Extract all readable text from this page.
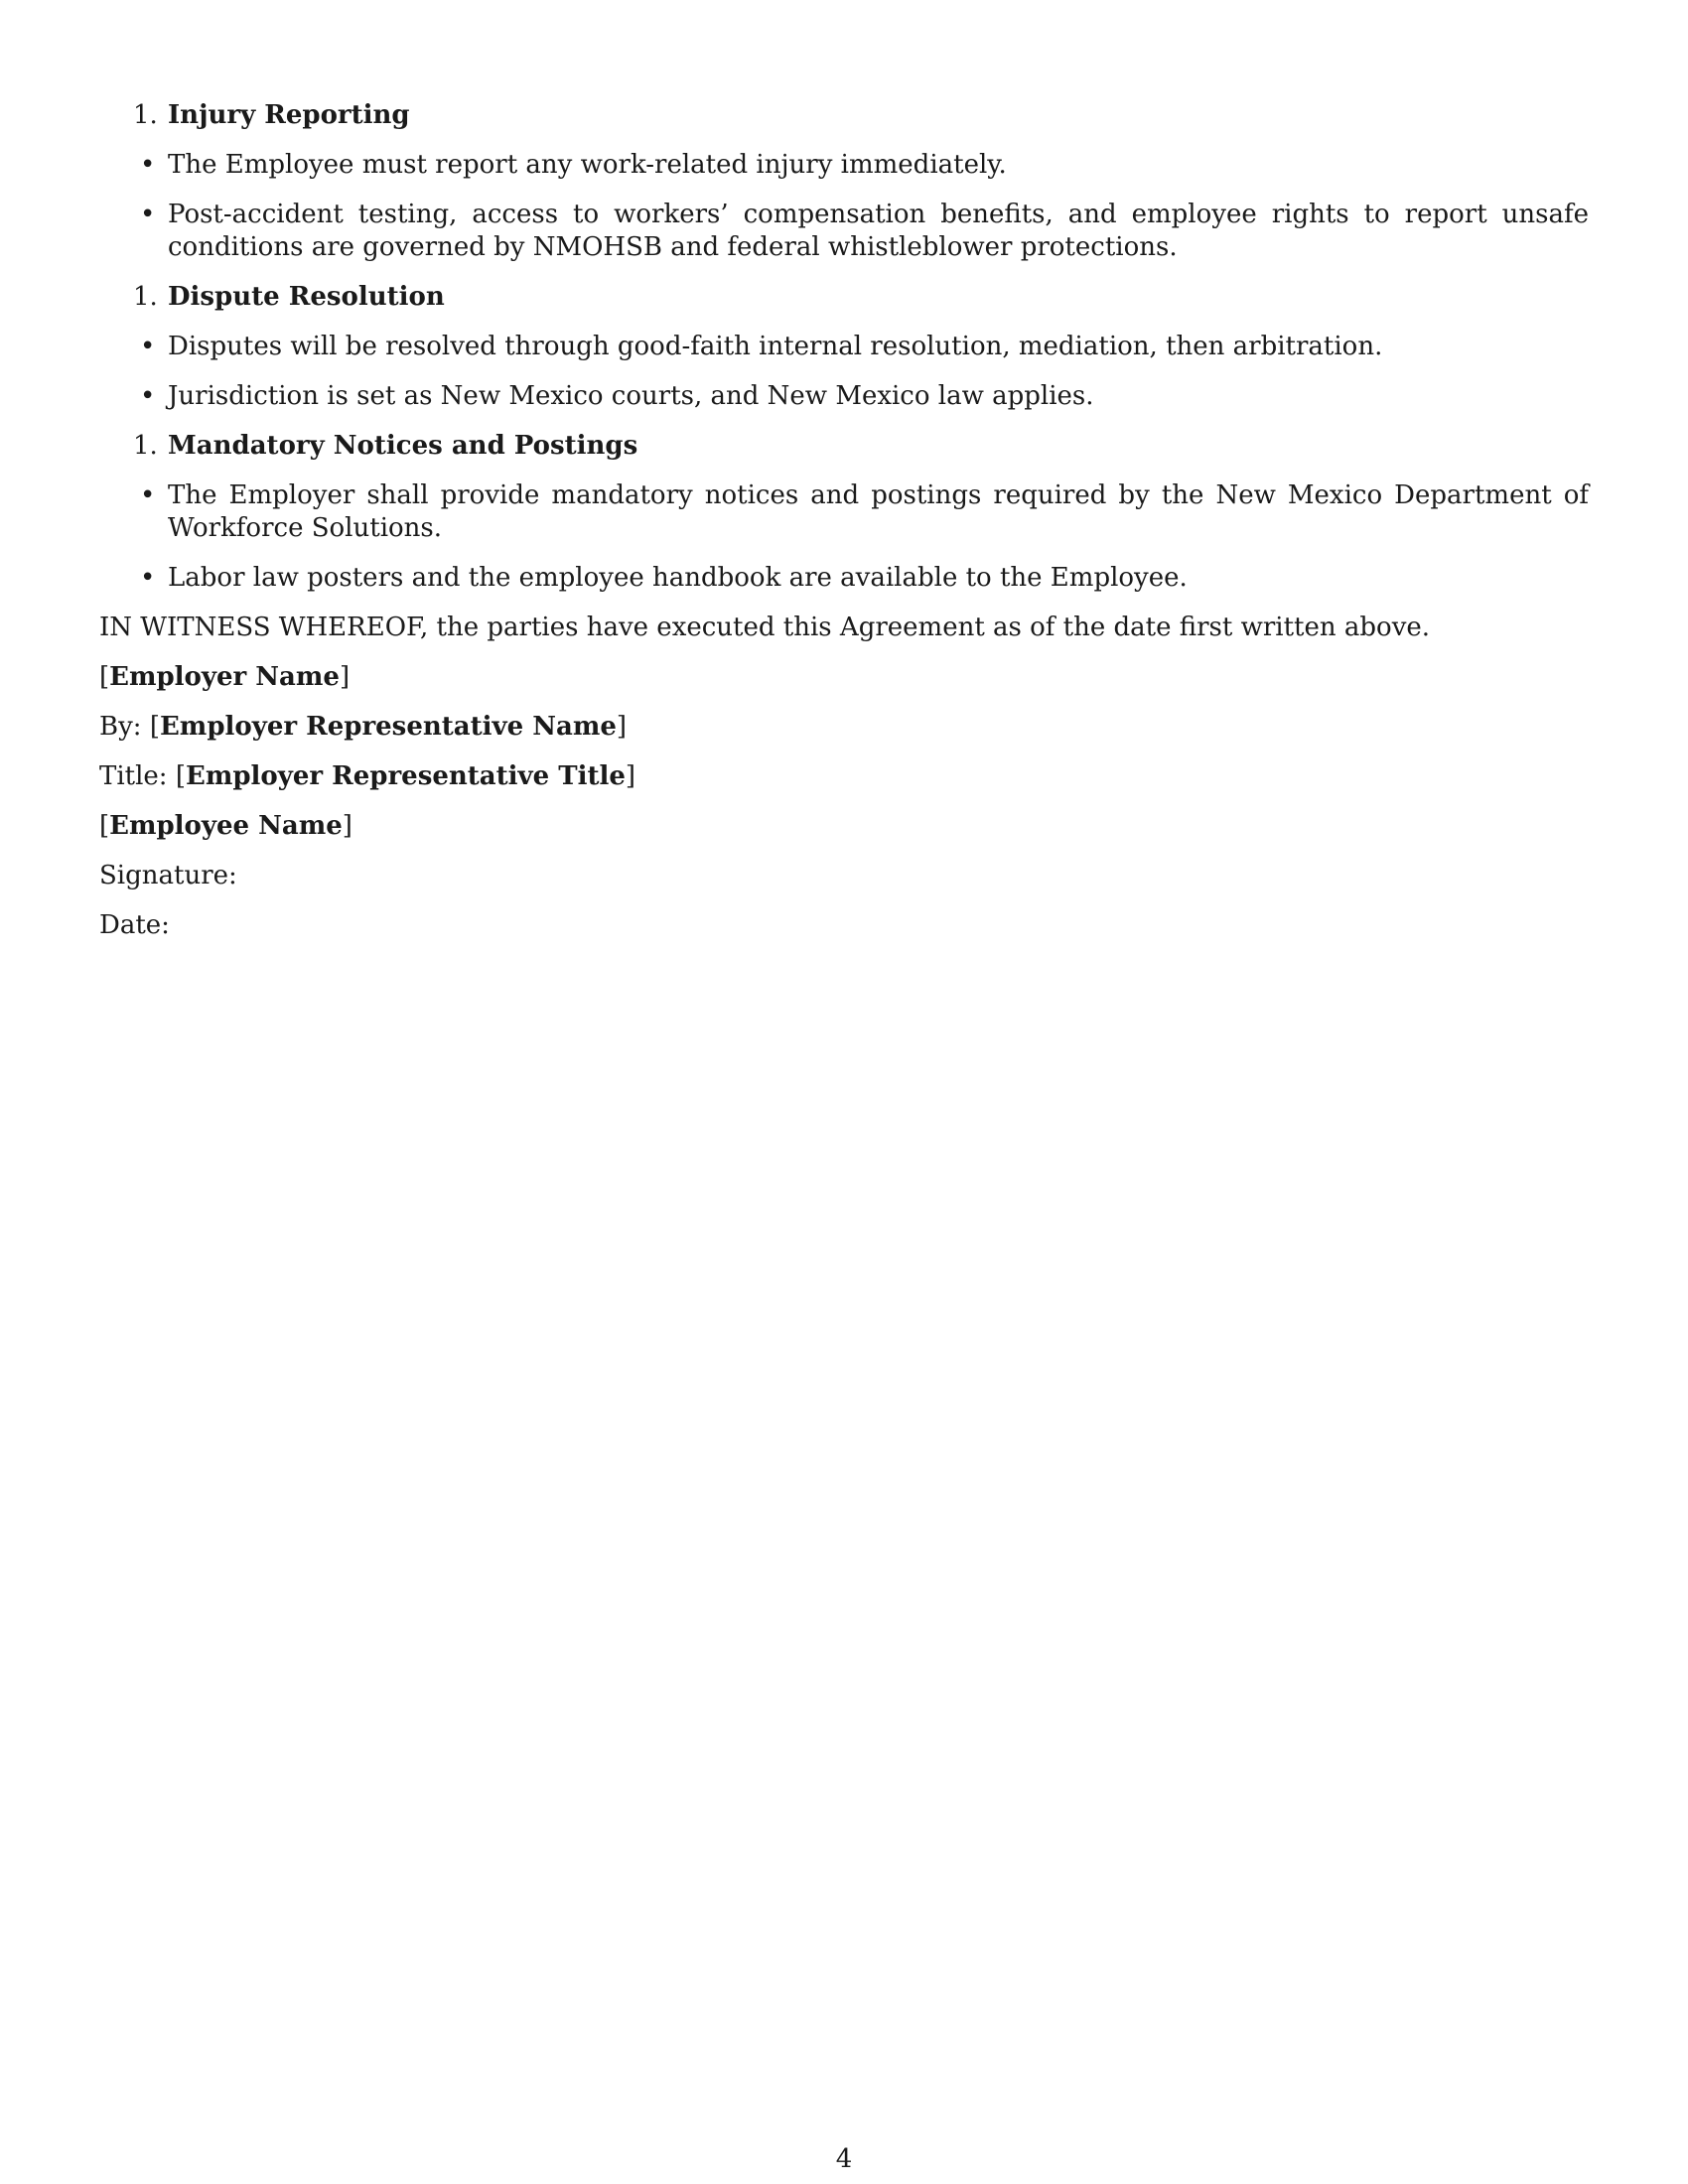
1. Injury Reporting
• The Employee must report any work-related injury immediately.
• Post-accident testing, access to workers’ compensation benefits, and employee rights to report unsafe conditions are governed by NMOHSB and federal whistleblower protections.
1. Dispute Resolution
• Disputes will be resolved through good-faith internal resolution, mediation, then arbitration.
• Jurisdiction is set as New Mexico courts, and New Mexico law applies.
1. Mandatory Notices and Postings
• The Employer shall provide mandatory notices and postings required by the New Mexico Department of Workforce Solutions.
• Labor law posters and the employee handbook are available to the Employee.
IN WITNESS WHEREOF, the parties have executed this Agreement as of the date first written above.
[Employer Name]
By: [Employer Representative Name]
Title: [Employer Representative Title]
[Employee Name]
Signature:
Date:
4
